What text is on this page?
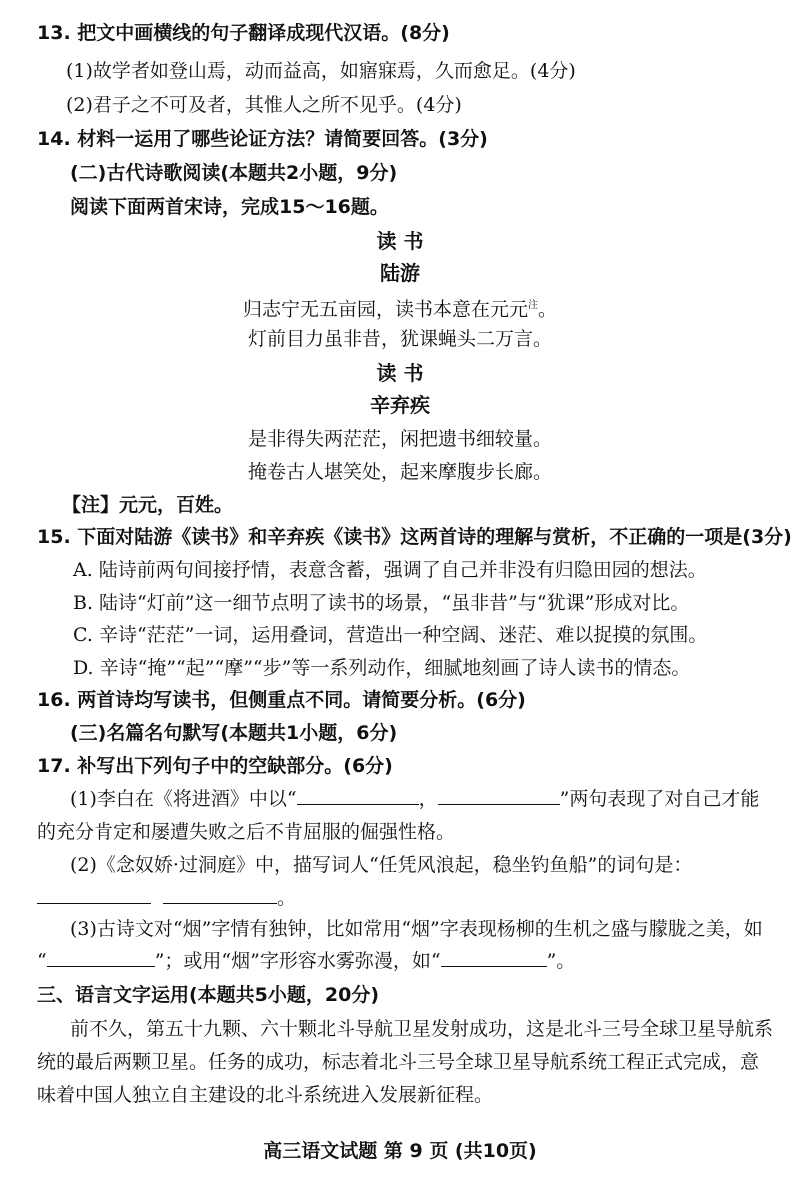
13. 把文中画横线的句子翻译成现代汉语。(8分)
(1)故学者如登山焉，动而益高，如寤寐焉，久而愈足。(4分)
(2)君子之不可及者，其惟人之所不见乎。(4分)
14. 材料一运用了哪些论证方法？请简要回答。(3分)
(二)古代诗歌阅读(本题共2小题，9分)
阅读下面两首宋诗，完成15～16题。
读 书
陆游
归志宁无五亩园，读书本意在元元$^注$。
灯前目力虽非昔，犹课蝇头二万言。
读 书
辛弃疾
是非得失两茫茫，闲把遗书细较量。
掩卷古人堪笑处，起来摩腹步长廊。
【注】元元，百姓。
15. 下面对陆游《读书》和辛弃疾《读书》这两首诗的理解与赏析，不正确的一项是(3分)
A. 陆诗前两句间接抒情，表意含蓄，强调了自己并非没有归隐田园的想法。
B. 陆诗“灯前”这一细节点明了读书的场景，“虽非昔”与“犹课”形成对比。
C. 辛诗“茫茫”一词，运用叠词，营造出一种空阔、迷茫、难以捉摸的氛围。
D. 辛诗“掩”“起”“摩”“步”等一系列动作，细腻地刻画了诗人读书的情态。
16. 两首诗均写读书，但侧重点不同。请简要分析。(6分)
(三)名篇名句默写(本题共1小题，6分)
17. 补写出下列句子中的空缺部分。(6分)
(1)李白在《将进酒》中以“	，	”两句表现了对自己才能
的充分肯定和屡遭失败之后不肯屈服的倔强性格。
(2)《念奴娇·过洞庭》中，描写词人“任凭风浪起，稳坐钓鱼船”的词句是：
。
(3)古诗文对“烟”字情有独钟，比如常用“烟”字表现杨柳的生机之盛与朦胧之美，如
“	”；或用“烟”字形容水雾弥漫，如“	”。
三、语言文字运用(本题共5小题，20分)
前不久，第五十九颗、六十颗北斗导航卫星发射成功，这是北斗三号全球卫星导航系
统的最后两颗卫星。任务的成功，标志着北斗三号全球卫星导航系统工程正式完成，意
味着中国人独立自主建设的北斗系统进入发展新征程。
高三语文试题 第 9 页 (共10页)
